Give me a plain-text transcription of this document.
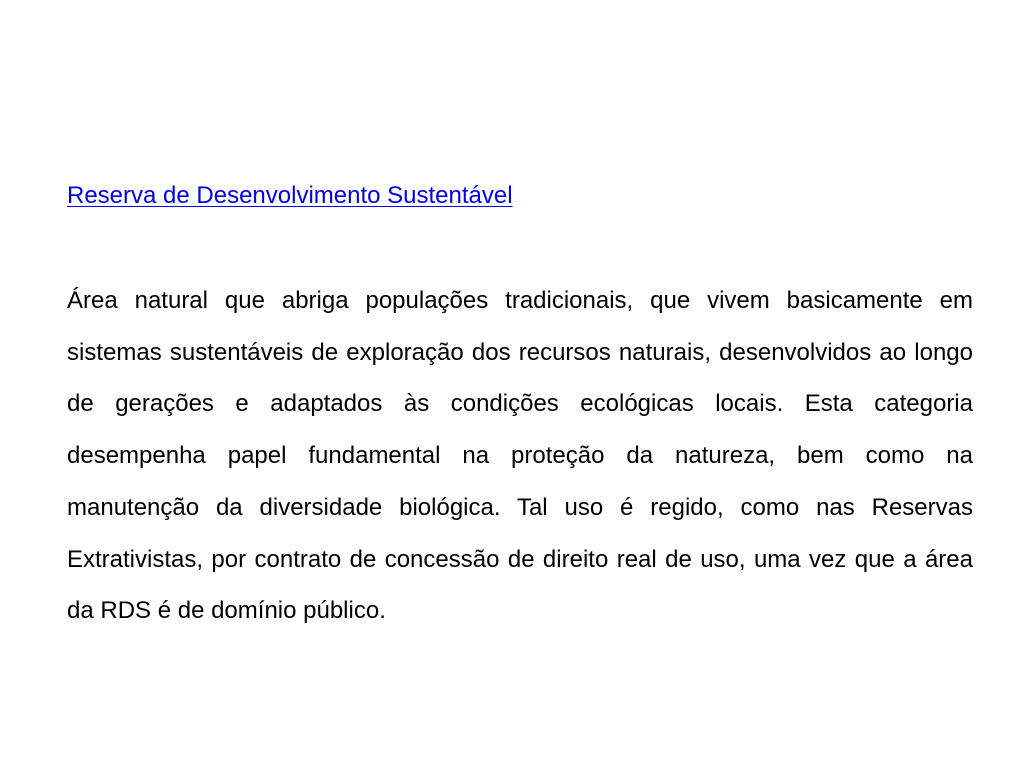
Reserva de Desenvolvimento Sustentável

Área natural que abriga populações tradicionais, que vivem basicamente em sistemas sustentáveis de exploração dos recursos naturais, desenvolvidos ao longo de gerações e adaptados às condições ecológicas locais. Esta categoria desempenha papel fundamental na proteção da natureza, bem como na manutenção da diversidade biológica. Tal uso é regido, como nas Reservas Extrativistas, por contrato de concessão de direito real de uso, uma vez que a área da RDS é de domínio público.
